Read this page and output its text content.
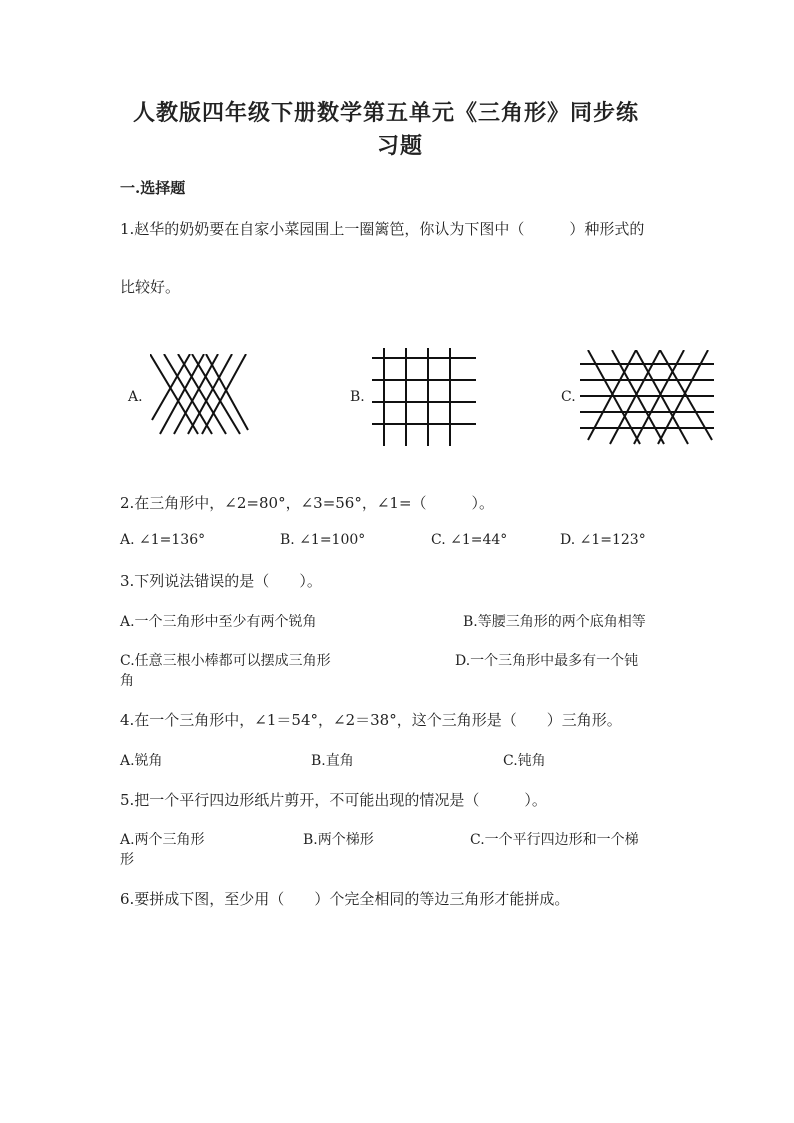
人教版四年级下册数学第五单元《三角形》同步练
习题
一.选择题
1.赵华的奶奶要在自家小菜园围上一圈篱笆，你认为下图中（　　　）种形式的
比较好。
A.	B.	C.
2.在三角形中，∠2=80°，∠3=56°，∠1=（　　　）。
A. ∠1=136°	B. ∠1=100°	C. ∠1=44°	D. ∠1=123°
3.下列说法错误的是（　　）。
A.一个三角形中至少有两个锐角	B.等腰三角形的两个底角相等
C.任意三根小棒都可以摆成三角形	D.一个三角形中最多有一个钝
角
4.在一个三角形中，∠1＝54°，∠2＝38°，这个三角形是（　　）三角形。
A.锐角	B.直角	C.钝角
5.把一个平行四边形纸片剪开，不可能出现的情况是（　　　）。
A.两个三角形	B.两个梯形	C.一个平行四边形和一个梯
形
6.要拼成下图，至少用（　　）个完全相同的等边三角形才能拼成。
